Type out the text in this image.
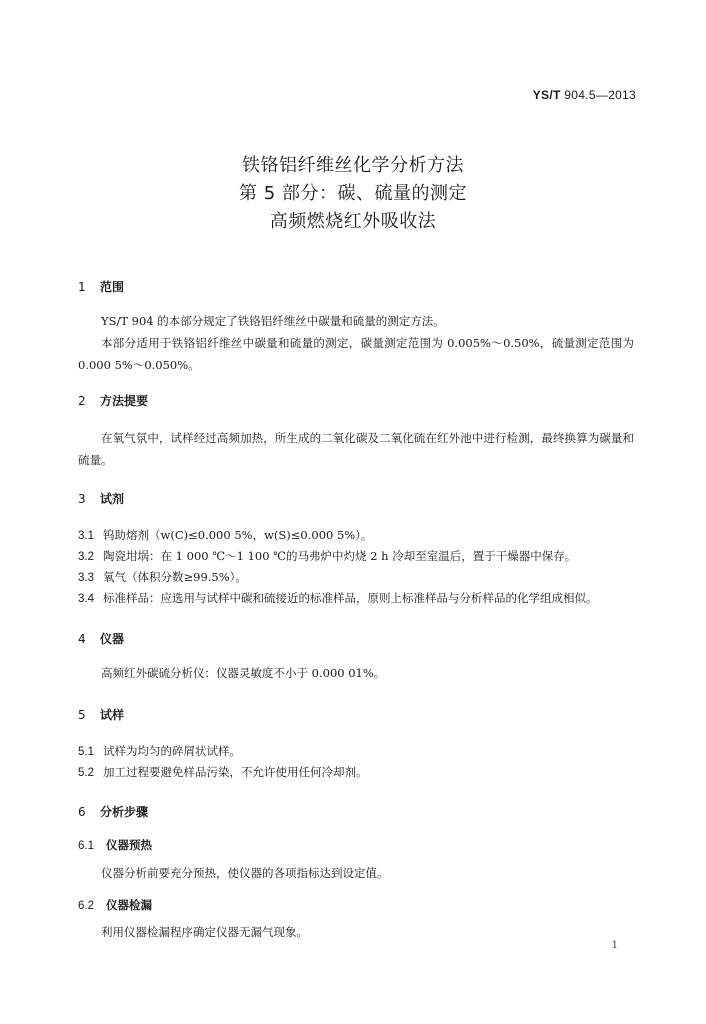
YS/T 904.5—2013
铁铬铝纤维丝化学分析方法
第 5 部分：碳、硫量的测定
高频燃烧红外吸收法
1 范围
YS/T 904 的本部分规定了铁铬铝纤维丝中碳量和硫量的测定方法。
本部分适用于铁铬铝纤维丝中碳量和硫量的测定，碳量测定范围为 0.005%～0.50%，硫量测定范围为 0.000 5%～0.050%。
2 方法提要
在氧气氛中，试样经过高频加热，所生成的二氧化碳及二氧化硫在红外池中进行检测，最终换算为碳量和硫量。
3 试剂
3.1 钨助熔剂（w(C)≤0.000 5%，w(S)≤0.000 5%）。
3.2 陶瓷坩埚：在 1 000 ℃～1 100 ℃的马弗炉中灼烧 2 h 冷却至室温后，置于干燥器中保存。
3.3 氧气（体积分数≥99.5%）。
3.4 标准样品：应选用与试样中碳和硫接近的标准样品，原则上标准样品与分析样品的化学组成相似。
4 仪器
高频红外碳硫分析仪：仪器灵敏度不小于 0.000 01%。
5 试样
5.1 试样为均匀的碎屑状试样。
5.2 加工过程要避免样品污染，不允许使用任何冷却剂。
6 分析步骤
6.1 仪器预热
仪器分析前要充分预热，使仪器的各项指标达到设定值。
6.2 仪器检漏
利用仪器检漏程序确定仪器无漏气现象。
1
